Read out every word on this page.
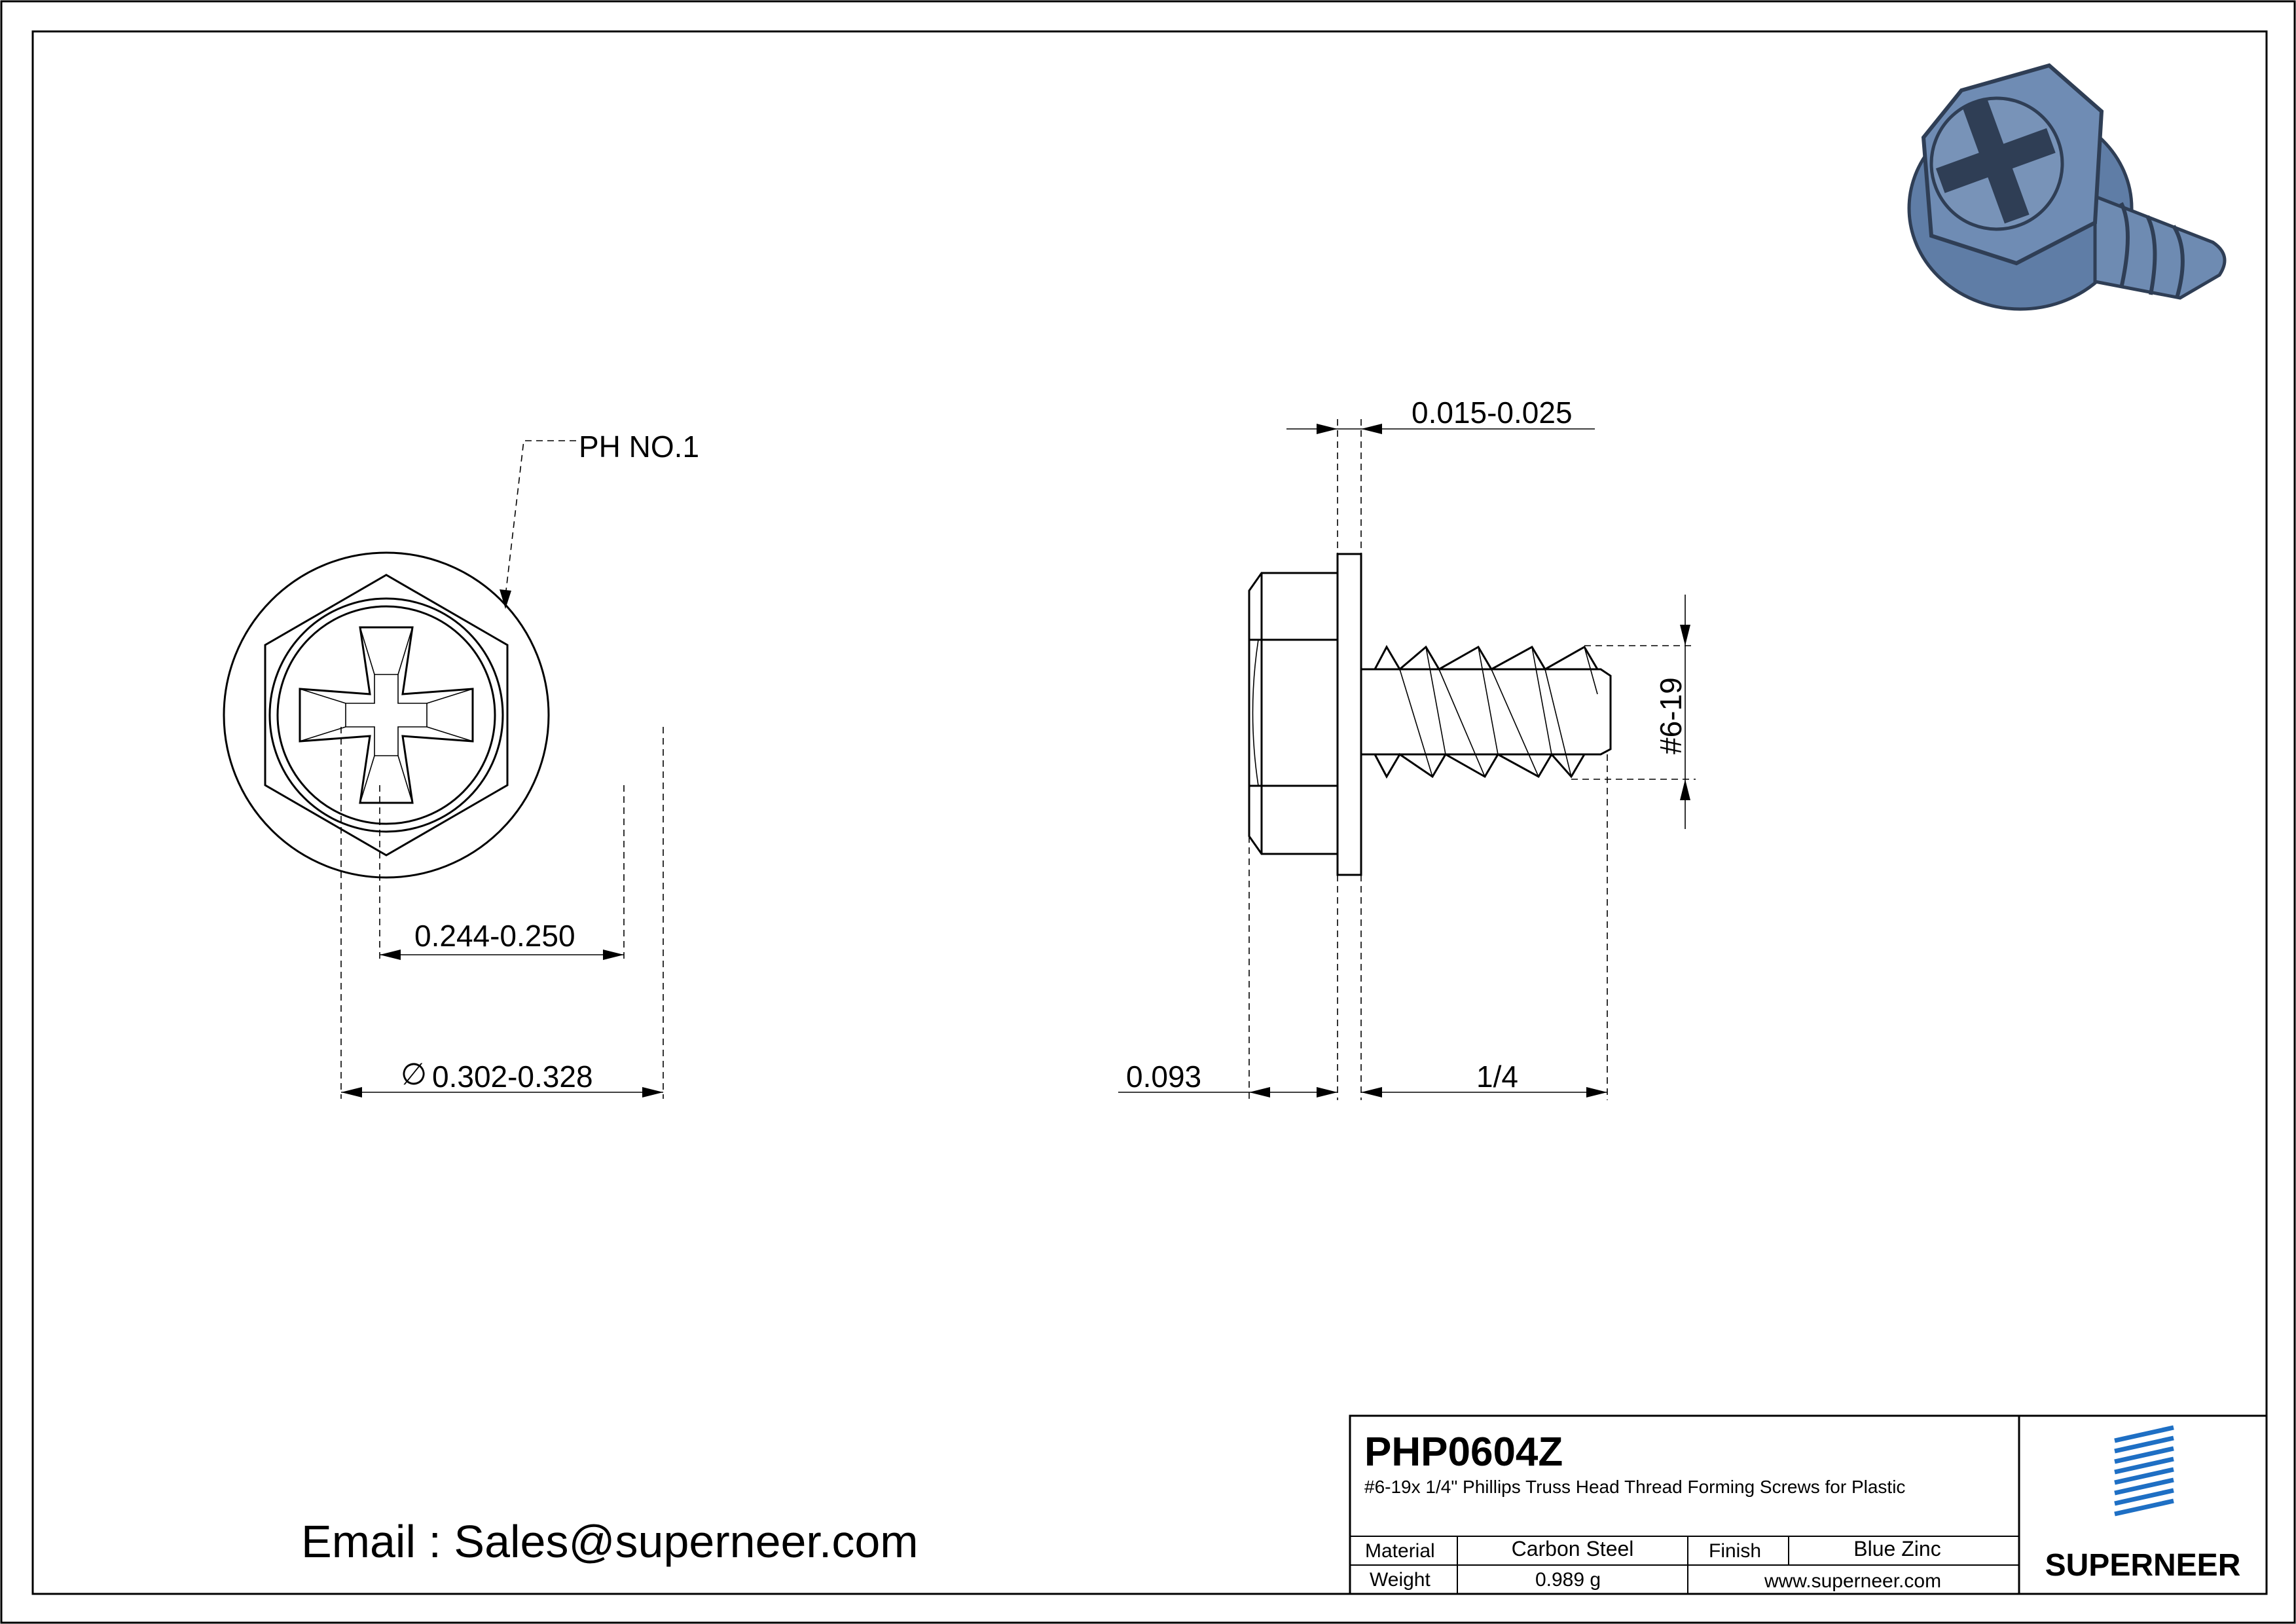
PH NO.1
0.244-0.250
∅ 0.302-0.328
0.015-0.025
#6-19
0.093	1/4
Email : Sales@superneer.com
PHP0604Z
#6-19x 1/4" Phillips Truss Head Thread Forming Screws for Plastic
Material	Carbon Steel	Finish	Blue Zinc
Weight	0.989 g	www.superneer.com	SUPERNEER
